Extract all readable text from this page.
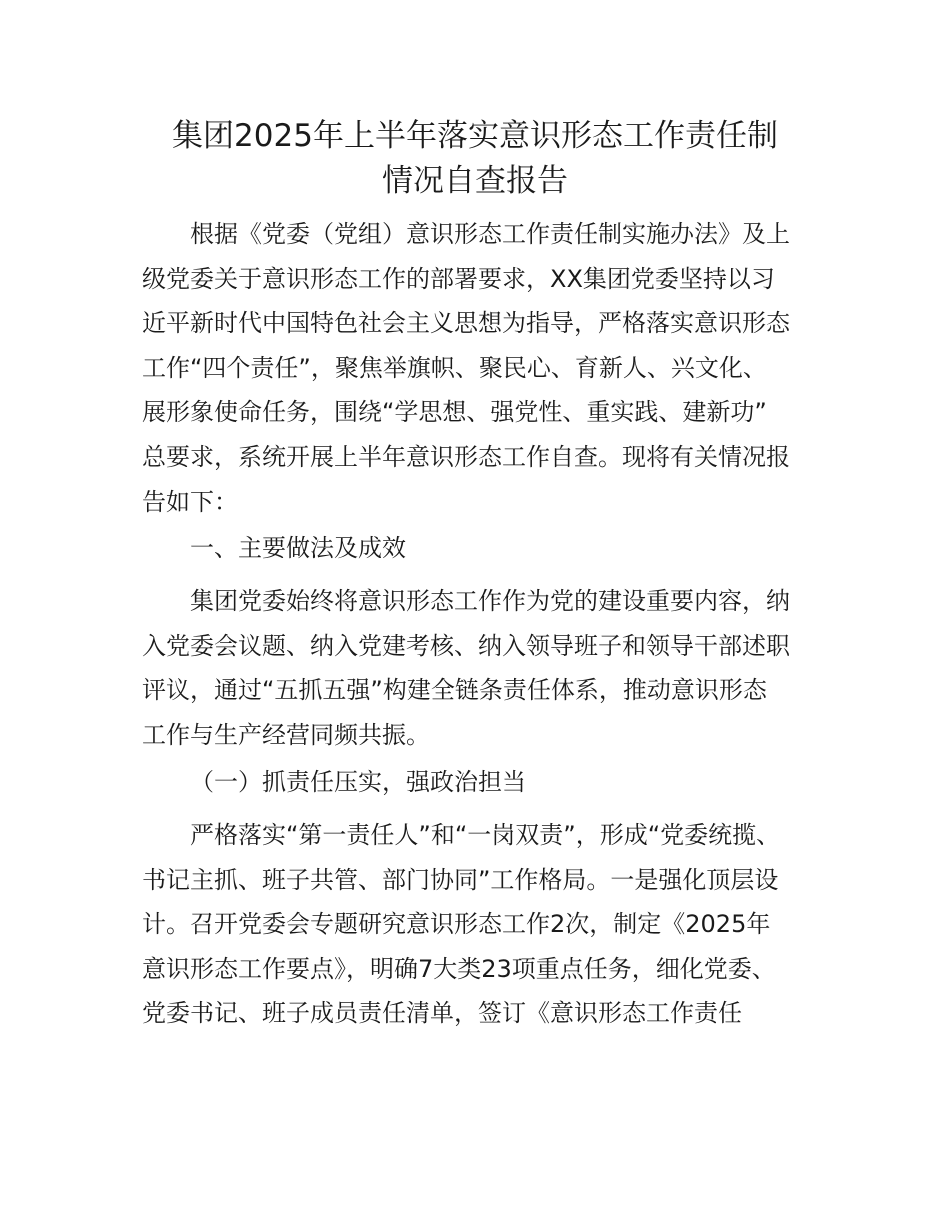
集团2025年上半年落实意识形态工作责任制
情况自查报告
根据《党委（党组）意识形态工作责任制实施办法》及上
级党委关于意识形态工作的部署要求，XX集团党委坚持以习
近平新时代中国特色社会主义思想为指导，严格落实意识形态
工作“四个责任”，聚焦举旗帜、聚民心、育新人、兴文化、
展形象使命任务，围绕“学思想、强党性、重实践、建新功”
总要求，系统开展上半年意识形态工作自查。现将有关情况报
告如下：
一、主要做法及成效
集团党委始终将意识形态工作作为党的建设重要内容，纳
入党委会议题、纳入党建考核、纳入领导班子和领导干部述职
评议，通过“五抓五强”构建全链条责任体系，推动意识形态
工作与生产经营同频共振。
（一）抓责任压实，强政治担当
严格落实“第一责任人”和“一岗双责”，形成“党委统揽、
书记主抓、班子共管、部门协同”工作格局。一是强化顶层设
计。召开党委会专题研究意识形态工作2次，制定《2025年
意识形态工作要点》，明确7大类23项重点任务，细化党委、
党委书记、班子成员责任清单，签订《意识形态工作责任
